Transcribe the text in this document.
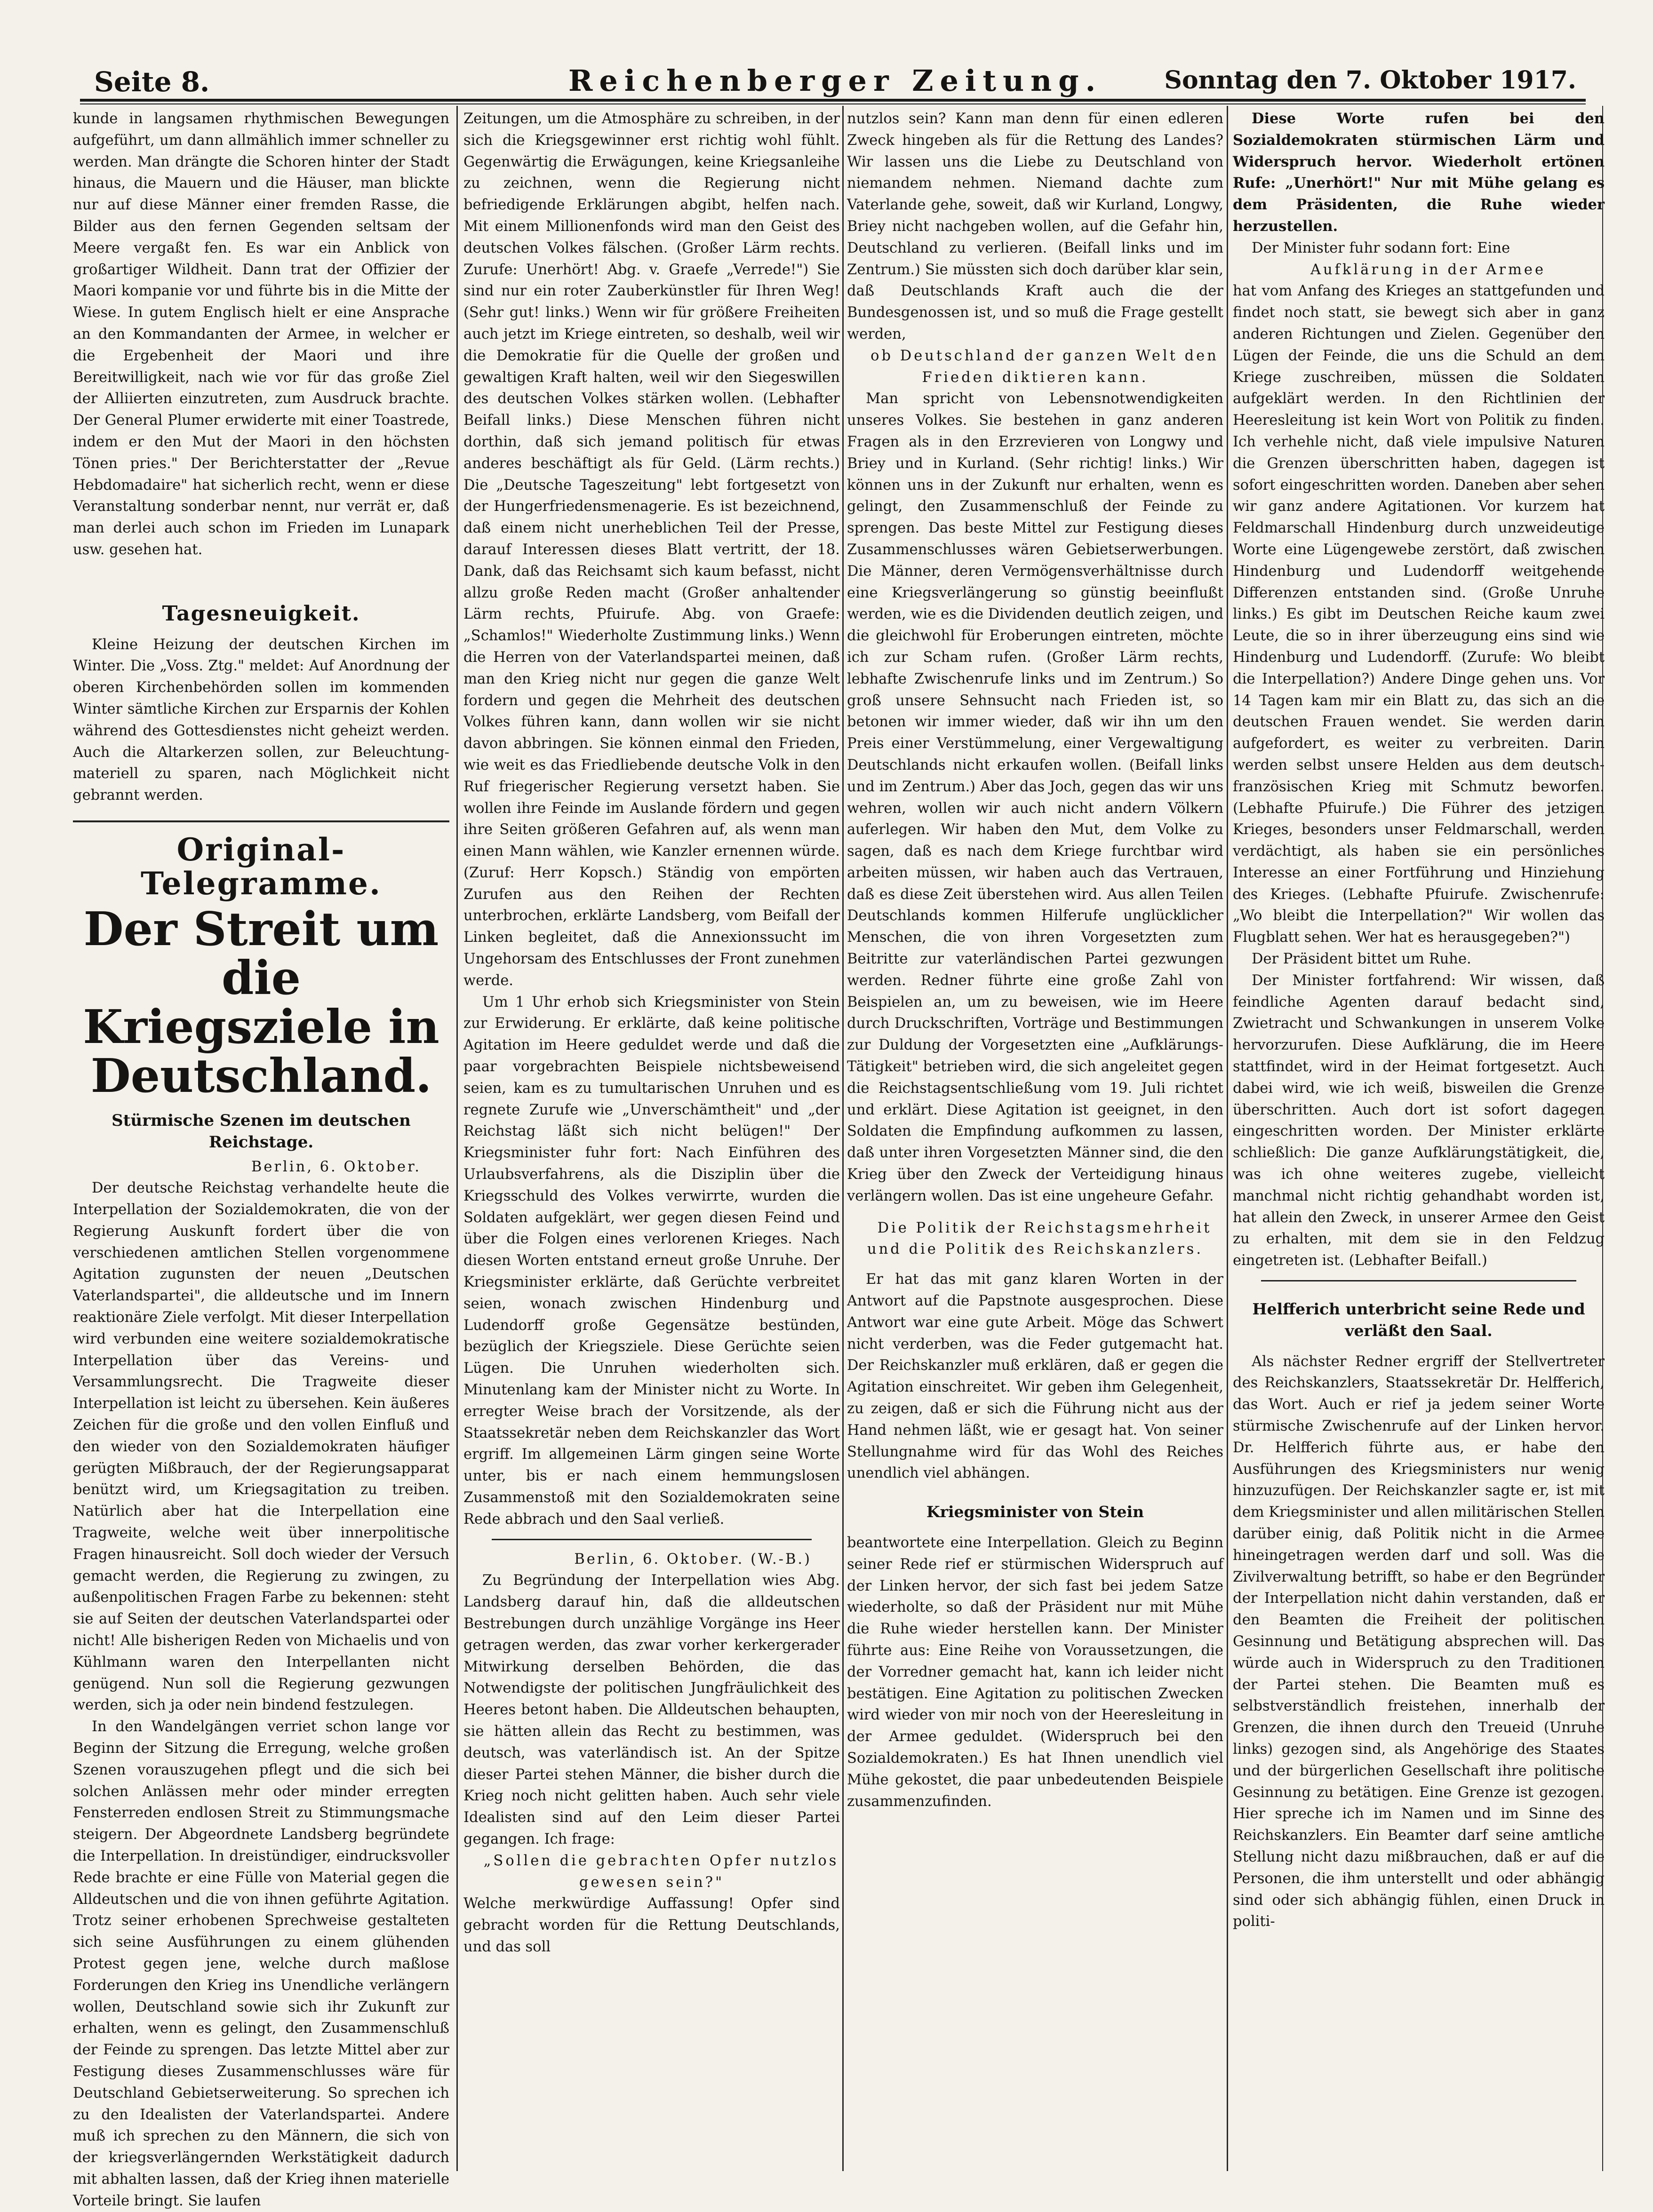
Seite 8.	Reichenberger Zeitung.	Sonntag den 7. Oktober 1917.

kunde in langsamen rhythmischen Bewegungen aufgeführt, um dann allmählich immer schneller zu werden. Man drängte die Schoren hinter der Stadt hinaus, die Mauern und die Häuser, man blickte nur auf diese Männer einer fremden Rasse, die Bilder aus den fernen Gegenden seltsam der Meere vergaßt fen. Es war ein Anblick von großartiger Wildheit. Dann trat der Offizier der Maori kompanie vor und führte bis in die Mitte der Wiese. In gutem Englisch hielt er eine Ansprache an den Kommandanten der Armee, in welcher er die Ergebenheit der Maori und ihre Bereitwilligkeit, nach wie vor für das große Ziel der Alliierten einzutreten, zum Ausdruck brachte. Der General Plumer erwiderte mit einer Toastrede, indem er den Mut der Maori in den höchsten Tönen pries." Der Berichterstatter der „Revue Hebdomadaire" hat sicherlich recht, wenn er diese Veranstaltung sonderbar nennt, nur verrät er, daß man derlei auch schon im Frieden im Lunapark usw. gesehen hat.

Tagesneuigkeit.

Kleine Heizung der deutschen Kirchen im Winter. Die „Voss. Ztg." meldet: Auf Anordnung der oberen Kirchenbehörden sollen im kommenden Winter sämtliche Kirchen zur Ersparnis der Kohlen während des Gottesdienstes nicht geheizt werden. Auch die Altarkerzen sollen, zur Beleuchtung-materiell zu sparen, nach Möglichkeit nicht gebrannt werden.

Original-Telegramme.
Der Streit um die Kriegsziele in Deutschland.
Stürmische Szenen im deutschen Reichstage.

Berlin, 6. Oktober.

Der deutsche Reichstag verhandelte heute die Interpellation der Sozialdemokraten, die von der Regierung Auskunft fordert über die von verschiedenen amtlichen Stellen vorgenommene Agitation zugunsten der neuen „Deutschen Vaterlandspartei", die alldeutsche und im Innern reaktionäre Ziele verfolgt. Mit dieser Interpellation wird verbunden eine weitere sozialdemokratische Interpellation über das Vereins- und Versammlungsrecht. Die Tragweite dieser Interpellation ist leicht zu übersehen. Kein äußeres Zeichen für die große und den vollen Einfluß und den wieder von den Sozialdemokraten häufiger gerügten Mißbrauch, der der Regierungsapparat benützt wird, um Kriegsagitation zu treiben. Natürlich aber hat die Interpellation eine Tragweite, welche weit über innerpolitische Fragen hinausreicht. Soll doch wieder der Versuch gemacht werden, die Regierung zu zwingen, zu außenpolitischen Fragen Farbe zu bekennen: steht sie auf Seiten der deutschen Vaterlandspartei oder nicht! Alle bisherigen Reden von Michaelis und von Kühlmann waren den Interpellanten nicht genügend. Nun soll die Regierung gezwungen werden, sich ja oder nein bindend festzulegen.

In den Wandelgängen verriet schon lange vor Beginn der Sitzung die Erregung, welche großen Szenen vorauszugehen pflegt und die sich bei solchen Anlässen mehr oder minder erregten Fensterreden endlosen Streit zu Stimmungsmache steigern. Der Abgeordnete Landsberg begründete die Interpellation. In dreistündiger, eindrucksvoller Rede brachte er eine Fülle von Material gegen die Alldeutschen und die von ihnen geführte Agitation. Trotz seiner erhobenen Sprechweise gestalteten sich seine Ausführungen zu einem glühenden Protest gegen jene, welche durch maßlose Forderungen den Krieg ins Unendliche verlängern wollen, Deutschland sowie sich ihr Zukunft zur erhalten, wenn es gelingt, den Zusammenschluß der Feinde zu sprengen. Das letzte Mittel aber zur Festigung dieses Zusammenschlusses wäre für Deutschland Gebietserweiterung. So sprechen ich zu den Idealisten der Vaterlandspartei. Andere muß ich sprechen zu den Männern, die sich von der kriegsverlängernden Werkstätigkeit dadurch mit abhalten lassen, daß der Krieg ihnen materielle Vorteile bringt. Sie laufen

Zeitungen, um die Atmosphäre zu schreiben, in der sich die Kriegsgewinner erst richtig wohl fühlt. Gegenwärtig die Erwägungen, keine Kriegsanleihe zu zeichnen, wenn die Regierung nicht befriedigende Erklärungen abgibt, helfen nach. Mit einem Millionenfonds wird man den Geist des deutschen Volkes fälschen. (Großer Lärm rechts. Zurufe: Unerhört! Abg. v. Graefe „Verrede!") Sie sind nur ein roter Zauberkünstler für Ihren Weg! (Sehr gut! links.) Wenn wir für größere Freiheiten auch jetzt im Kriege eintreten, so deshalb, weil wir die Demokratie für die Quelle der großen und gewaltigen Kraft halten, weil wir den Siegeswillen des deutschen Volkes stärken wollen. (Lebhafter Beifall links.) Diese Menschen führen nicht dorthin, daß sich jemand politisch für etwas anderes beschäftigt als für Geld. (Lärm rechts.) Die „Deutsche Tageszeitung" lebt fortgesetzt von der Hungerfriedensmenagerie. Es ist bezeichnend, daß einem nicht unerheblichen Teil der Presse, darauf Interessen dieses Blatt vertritt, der 18. Dank, daß das Reichsamt sich kaum befasst, nicht allzu große Reden macht (Großer anhaltender Lärm rechts, Pfuirufe. Abg. von Graefe: „Schamlos!" Wiederholte Zustimmung links.) Wenn die Herren von der Vaterlandspartei meinen, daß man den Krieg nicht nur gegen die ganze Welt fordern und gegen die Mehrheit des deutschen Volkes führen kann, dann wollen wir sie nicht davon abbringen. Sie können einmal den Frieden, wie weit es das Friedliebende deutsche Volk in den Ruf friegerischer Regierung versetzt haben. Sie wollen ihre Feinde im Auslande fördern und gegen ihre Seiten größeren Gefahren auf, als wenn man einen Mann wählen, wie Kanzler ernennen würde. (Zuruf: Herr Kopsch.) Ständig von empörten Zurufen aus den Reihen der Rechten unterbrochen, erklärte Landsberg, vom Beifall der Linken begleitet, daß die Annexionssucht im Ungehorsam des Entschlusses der Front zunehmen werde.

Um 1 Uhr erhob sich Kriegsminister von Stein zur Erwiderung. Er erklärte, daß keine politische Agitation im Heere geduldet werde und daß die paar vorgebrachten Beispiele nichtsbeweisend seien, kam es zu tumultarischen Unruhen und es regnete Zurufe wie „Unverschämtheit" und „der Reichstag läßt sich nicht belügen!" Der Kriegsminister fuhr fort: Nach Einführen des Urlaubsverfahrens, als die Disziplin über die Kriegsschuld des Volkes verwirrte, wurden die Soldaten aufgeklärt, wer gegen diesen Feind und über die Folgen eines verlorenen Krieges. Nach diesen Worten entstand erneut große Unruhe. Der Kriegsminister erklärte, daß Gerüchte verbreitet seien, wonach zwischen Hindenburg und Ludendorff große Gegensätze bestünden, bezüglich der Kriegsziele. Diese Gerüchte seien Lügen. Die Unruhen wiederholten sich. Minutenlang kam der Minister nicht zu Worte. In erregter Weise brach der Vorsitzende, als der Staatssekretär neben dem Reichskanzler das Wort ergriff. Im allgemeinen Lärm gingen seine Worte unter, bis er nach einem hemmungslosen Zusammenstoß mit den Sozialdemokraten seine Rede abbrach und den Saal verließ.

Berlin, 6. Oktober. (W.-B.)

Zu Begründung der Interpellation wies Abg. Landsberg darauf hin, daß die alldeutschen Bestrebungen durch unzählige Vorgänge ins Heer getragen werden, das zwar vorher kerkergerader Mitwirkung derselben Behörden, die das Notwendigste der politischen Jungfräulichkeit des Heeres betont haben. Die Alldeutschen behaupten, sie hätten allein das Recht zu bestimmen, was deutsch, was vaterländisch ist. An der Spitze dieser Partei stehen Männer, die bisher durch die Krieg noch nicht gelitten haben. Auch sehr viele Idealisten sind auf den Leim dieser Partei gegangen. Ich frage:

„Sollen die gebrachten Opfer nutzlos gewesen sein?"

Welche merkwürdige Auffassung! Opfer sind gebracht worden für die Rettung Deutschlands, und das soll

nutzlos sein? Kann man denn für einen edleren Zweck hingeben als für die Rettung des Landes? Wir lassen uns die Liebe zu Deutschland von niemandem nehmen. Niemand dachte zum Vaterlande gehe, soweit, daß wir Kurland, Longwy, Briey nicht nachgeben wollen, auf die Gefahr hin, Deutschland zu verlieren. (Beifall links und im Zentrum.) Sie müssten sich doch darüber klar sein, daß Deutschlands Kraft auch die der Bundesgenossen ist, und so muß die Frage gestellt werden,

ob Deutschland der ganzen Welt den Frieden diktieren kann.

Man spricht von Lebensnotwendigkeiten unseres Volkes. Sie bestehen in ganz anderen Fragen als in den Erzrevieren von Longwy und Briey und in Kurland. (Sehr richtig! links.) Wir können uns in der Zukunft nur erhalten, wenn es gelingt, den Zusammenschluß der Feinde zu sprengen. Das beste Mittel zur Festigung dieses Zusammenschlusses wären Gebietserwerbungen. Die Männer, deren Vermögensverhältnisse durch eine Kriegsverlängerung so günstig beeinflußt werden, wie es die Dividenden deutlich zeigen, und die gleichwohl für Eroberungen eintreten, möchte ich zur Scham rufen. (Großer Lärm rechts, lebhafte Zwischenrufe links und im Zentrum.) So groß unsere Sehnsucht nach Frieden ist, so betonen wir immer wieder, daß wir ihn um den Preis einer Verstümmelung, einer Vergewaltigung Deutschlands nicht erkaufen wollen. (Beifall links und im Zentrum.) Aber das Joch, gegen das wir uns wehren, wollen wir auch nicht andern Völkern auferlegen. Wir haben den Mut, dem Volke zu sagen, daß es nach dem Kriege furchtbar wird arbeiten müssen, wir haben auch das Vertrauen, daß es diese Zeit überstehen wird. Aus allen Teilen Deutschlands kommen Hilferufe unglücklicher Menschen, die von ihren Vorgesetzten zum Beitritte zur vaterländischen Partei gezwungen werden. Redner führte eine große Zahl von Beispielen an, um zu beweisen, wie im Heere durch Druckschriften, Vorträge und Bestimmungen zur Duldung der Vorgesetzten eine „Aufklärungs-Tätigkeit" betrieben wird, die sich angeleitet gegen die Reichstagsentschließung vom 19. Juli richtet und erklärt. Diese Agitation ist geeignet, in den Soldaten die Empfindung aufkommen zu lassen, daß unter ihren Vorgesetzten Männer sind, die den Krieg über den Zweck der Verteidigung hinaus verlängern wollen. Das ist eine ungeheure Gefahr.

Die Politik der Reichstagsmehrheit und die Politik des Reichskanzlers.

Er hat das mit ganz klaren Worten in der Antwort auf die Papstnote ausgesprochen. Diese Antwort war eine gute Arbeit. Möge das Schwert nicht verderben, was die Feder gutgemacht hat. Der Reichskanzler muß erklären, daß er gegen die Agitation einschreitet. Wir geben ihm Gelegenheit, zu zeigen, daß er sich die Führung nicht aus der Hand nehmen läßt, wie er gesagt hat. Von seiner Stellungnahme wird für das Wohl des Reiches unendlich viel abhängen.

Kriegsminister von Stein

beantwortete eine Interpellation. Gleich zu Beginn seiner Rede rief er stürmischen Widerspruch auf der Linken hervor, der sich fast bei jedem Satze wiederholte, so daß der Präsident nur mit Mühe die Ruhe wieder herstellen kann. Der Minister führte aus: Eine Reihe von Voraussetzungen, die der Vorredner gemacht hat, kann ich leider nicht bestätigen. Eine Agitation zu politischen Zwecken wird wieder von mir noch von der Heeresleitung in der Armee geduldet. (Widerspruch bei den Sozialdemokraten.) Es hat Ihnen unendlich viel Mühe gekostet, die paar unbedeutenden Beispiele zusammenzufinden.

Diese Worte rufen bei den Sozialdemokraten stürmischen Lärm und Widerspruch hervor. Wiederholt ertönen Rufe: „Unerhört!" Nur mit Mühe gelang es dem Präsidenten, die Ruhe wieder herzustellen.

Der Minister fuhr sodann fort: Eine

Aufklärung in der Armee

hat vom Anfang des Krieges an stattgefunden und findet noch statt, sie bewegt sich aber in ganz anderen Richtungen und Zielen. Gegenüber den Lügen der Feinde, die uns die Schuld an dem Kriege zuschreiben, müssen die Soldaten aufgeklärt werden. In den Richtlinien der Heeresleitung ist kein Wort von Politik zu finden. Ich verhehle nicht, daß viele impulsive Naturen die Grenzen überschritten haben, dagegen ist sofort eingeschritten worden. Daneben aber sehen wir ganz andere Agitationen. Vor kurzem hat Feldmarschall Hindenburg durch unzweideutige Worte eine Lügengewebe zerstört, daß zwischen Hindenburg und Ludendorff weitgehende Differenzen entstanden sind. (Große Unruhe links.) Es gibt im Deutschen Reiche kaum zwei Leute, die so in ihrer überzeugung eins sind wie Hindenburg und Ludendorff. (Zurufe: Wo bleibt die Interpellation?) Andere Dinge gehen uns. Vor 14 Tagen kam mir ein Blatt zu, das sich an die deutschen Frauen wendet. Sie werden darin aufgefordert, es weiter zu verbreiten. Darin werden selbst unsere Helden aus dem deutsch-französischen Krieg mit Schmutz beworfen. (Lebhafte Pfuirufe.) Die Führer des jetzigen Krieges, besonders unser Feldmarschall, werden verdächtigt, als haben sie ein persönliches Interesse an einer Fortführung und Hinziehung des Krieges. (Lebhafte Pfuirufe. Zwischenrufe: „Wo bleibt die Interpellation?" Wir wollen das Flugblatt sehen. Wer hat es herausgegeben?")

Der Präsident bittet um Ruhe.

Der Minister fortfahrend: Wir wissen, daß feindliche Agenten darauf bedacht sind, Zwietracht und Schwankungen in unserem Volke hervorzurufen. Diese Aufklärung, die im Heere stattfindet, wird in der Heimat fortgesetzt. Auch dabei wird, wie ich weiß, bisweilen die Grenze überschritten. Auch dort ist sofort dagegen eingeschritten worden. Der Minister erklärte schließlich: Die ganze Aufklärungstätigkeit, die, was ich ohne weiteres zugebe, vielleicht manchmal nicht richtig gehandhabt worden ist, hat allein den Zweck, in unserer Armee den Geist zu erhalten, mit dem sie in den Feldzug eingetreten ist. (Lebhafter Beifall.)

Helfferich unterbricht seine Rede und verläßt den Saal.

Als nächster Redner ergriff der Stellvertreter des Reichskanzlers, Staatssekretär Dr. Helfferich, das Wort. Auch er rief ja jedem seiner Worte stürmische Zwischenrufe auf der Linken hervor. Dr. Helfferich führte aus, er habe den Ausführungen des Kriegsministers nur wenig hinzuzufügen. Der Reichskanzler sagte er, ist mit dem Kriegsminister und allen militärischen Stellen darüber einig, daß Politik nicht in die Armee hineingetragen werden darf und soll. Was die Zivilverwaltung betrifft, so habe er den Begründer der Interpellation nicht dahin verstanden, daß er den Beamten die Freiheit der politischen Gesinnung und Betätigung absprechen will. Das würde auch in Widerspruch zu den Traditionen der Partei stehen. Die Beamten muß es selbstverständlich freistehen, innerhalb der Grenzen, die ihnen durch den Treueid (Unruhe links) gezogen sind, als Angehörige des Staates und der bürgerlichen Gesellschaft ihre politische Gesinnung zu betätigen. Eine Grenze ist gezogen. Hier spreche ich im Namen und im Sinne des Reichskanzlers. Ein Beamter darf seine amtliche Stellung nicht dazu mißbrauchen, daß er auf die Personen, die ihm unterstellt und oder abhängig sind oder sich abhängig fühlen, einen Druck in politi-
